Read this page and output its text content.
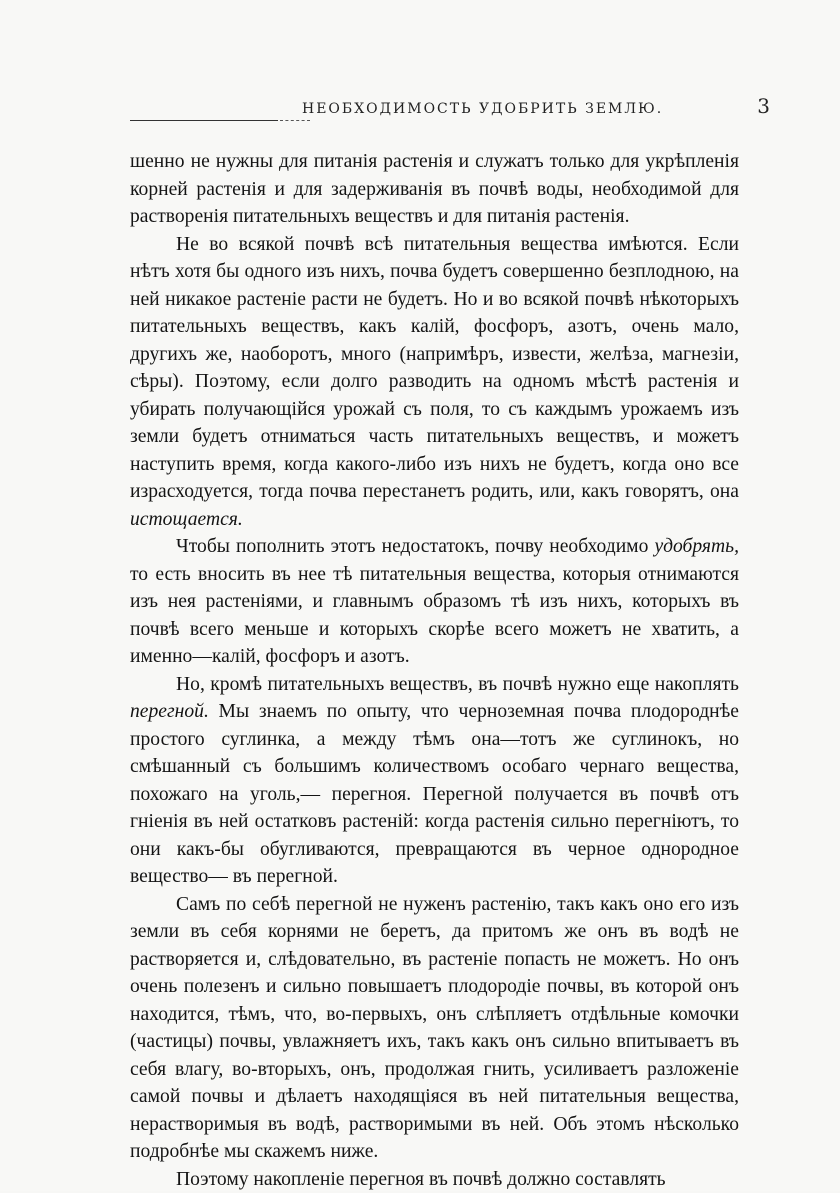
НЕОБХОДИМОСТЬ УДОБРИТЬ ЗЕМЛЮ.	3

шенно не нужны для питанія растенія и служатъ только для укрѣпленія корней растенія и для задерживанія въ почвѣ воды, необходимой для растворенія питательныхъ веществъ и для питанія растенія.

Не во всякой почвѣ всѣ питательныя вещества имѣются. Если нѣтъ хотя бы одного изъ нихъ, почва будетъ совершенно безплодною, на ней никакое растеніе расти не будетъ. Но и во всякой почвѣ нѣкоторыхъ питательныхъ веществъ, какъ калій, фосфоръ, азотъ, очень мало, другихъ же, наоборотъ, много (напримѣръ, извести, желѣза, магнезіи, сѣры). Поэтому, если долго разводить на одномъ мѣстѣ растенія и убирать получающійся урожай съ поля, то съ каждымъ урожаемъ изъ земли будетъ отниматься часть питательныхъ веществъ, и можетъ наступить время, когда какого-либо изъ нихъ не будетъ, когда оно все израсходуется, тогда почва перестанетъ родить, или, какъ говорятъ, она истощается.

Чтобы пополнить этотъ недостатокъ, почву необходимо удобрять, то есть вносить въ нее тѣ питательныя вещества, которыя отнимаются изъ нея растеніями, и главнымъ образомъ тѣ изъ нихъ, которыхъ въ почвѣ всего меньше и которыхъ скорѣе всего можетъ не хватить, а именно—калій, фосфоръ и азотъ.

Но, кромѣ питательныхъ веществъ, въ почвѣ нужно еще накоплять перегной. Мы знаемъ по опыту, что черноземная почва плодороднѣе простого суглинка, а между тѣмъ она—тотъ же суглинокъ, но смѣшанный съ большимъ количествомъ особаго чернаго вещества, похожаго на уголь,— перегноя. Перегной получается въ почвѣ отъ гніенія въ ней остатковъ растеній: когда растенія сильно перегніютъ, то они какъ-бы обугливаются, превращаются въ черное однородное вещество— въ перегной.

Самъ по себѣ перегной не нуженъ растенію, такъ какъ оно его изъ земли въ себя корнями не беретъ, да притомъ же онъ въ водѣ не растворяется и, слѣдовательно, въ растеніе попасть не можетъ. Но онъ очень полезенъ и сильно повышаетъ плодородіе почвы, въ которой онъ находится, тѣмъ, что, во-первыхъ, онъ слѣпляетъ отдѣльные комочки (частицы) почвы, увлажняетъ ихъ, такъ какъ онъ сильно впитываетъ въ себя влагу, во-вторыхъ, онъ, продолжая гнить, усиливаетъ разложеніе самой почвы и дѣлаетъ находящіяся въ ней питательныя вещества, нерастворимыя въ водѣ, растворимыми въ ней. Объ этомъ нѣсколько подробнѣе мы скажемъ ниже.

Поэтому накопленіе перегноя въ почвѣ должно составлять
